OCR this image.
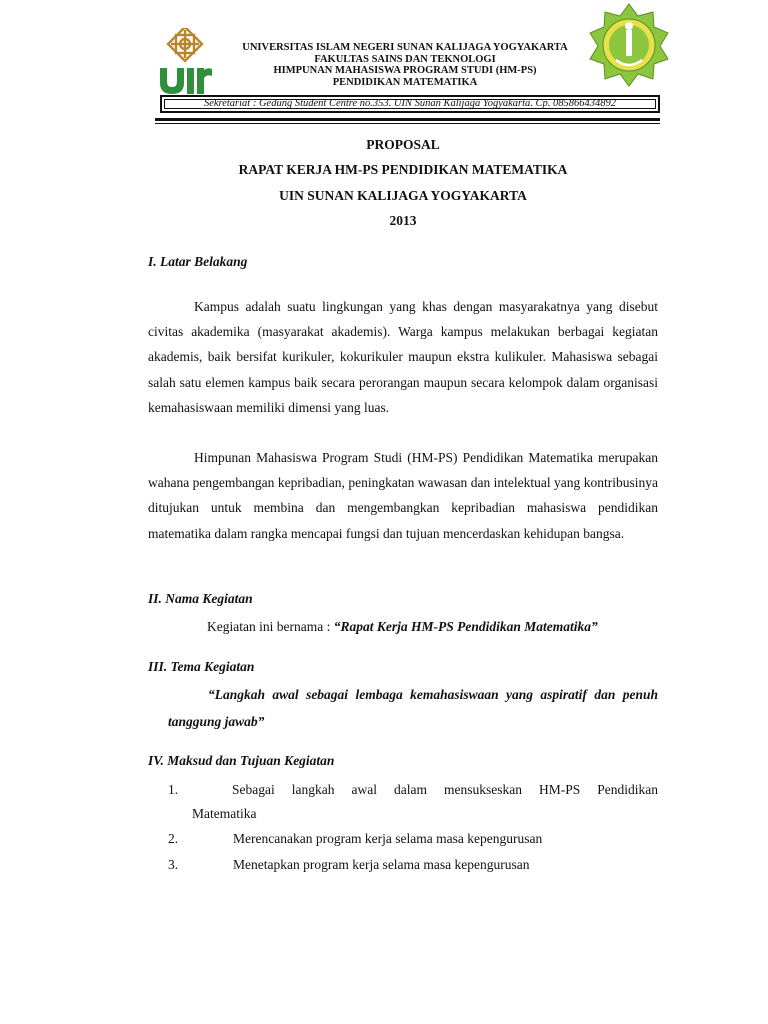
UNIVERSITAS ISLAM NEGERI SUNAN KALIJAGA YOGYAKARTA
FAKULTAS SAINS DAN TEKNOLOGI
HIMPUNAN MAHASISWA PROGRAM STUDI (HM-PS)
PENDIDIKAN MATEMATIKA
Sekretariat : Gedung Student Centre no.353. UIN Sunan Kalijaga Yogyakarta. Cp. 085866434892
PROPOSAL
RAPAT KERJA HM-PS PENDIDIKAN MATEMATIKA
UIN SUNAN KALIJAGA YOGYAKARTA
2013
I. Latar Belakang

Kampus adalah suatu lingkungan yang khas dengan masyarakatnya yang disebut civitas akademika (masyarakat akademis). Warga kampus melakukan berbagai kegiatan akademis, baik bersifat kurikuler, kokurikuler maupun ekstra kulikuler. Mahasiswa sebagai salah satu elemen kampus baik secara perorangan maupun secara kelompok dalam organisasi kemahasiswaan memiliki dimensi yang luas.

Himpunan Mahasiswa Program Studi (HM-PS) Pendidikan Matematika merupakan wahana pengembangan kepribadian, peningkatan wawasan dan intelektual yang kontribusinya ditujukan untuk membina dan mengembangkan kepribadian mahasiswa pendidikan matematika dalam rangka mencapai fungsi dan tujuan mencerdaskan kehidupan bangsa.

II. Nama Kegiatan
Kegiatan ini bernama : “Rapat Kerja HM-PS Pendidikan Matematika”
III. Tema Kegiatan

“Langkah awal sebagai lembaga kemahasiswaan yang aspiratif dan penuh tanggung jawab”

IV. Maksud dan Tujuan Kegiatan
1.	Sebagai langkah awal dalam mensukseskan HM-PS Pendidikan Matematika

2.	Merencanakan program kerja selama masa kepengurusan
3.	Menetapkan program kerja selama masa kepengurusan
